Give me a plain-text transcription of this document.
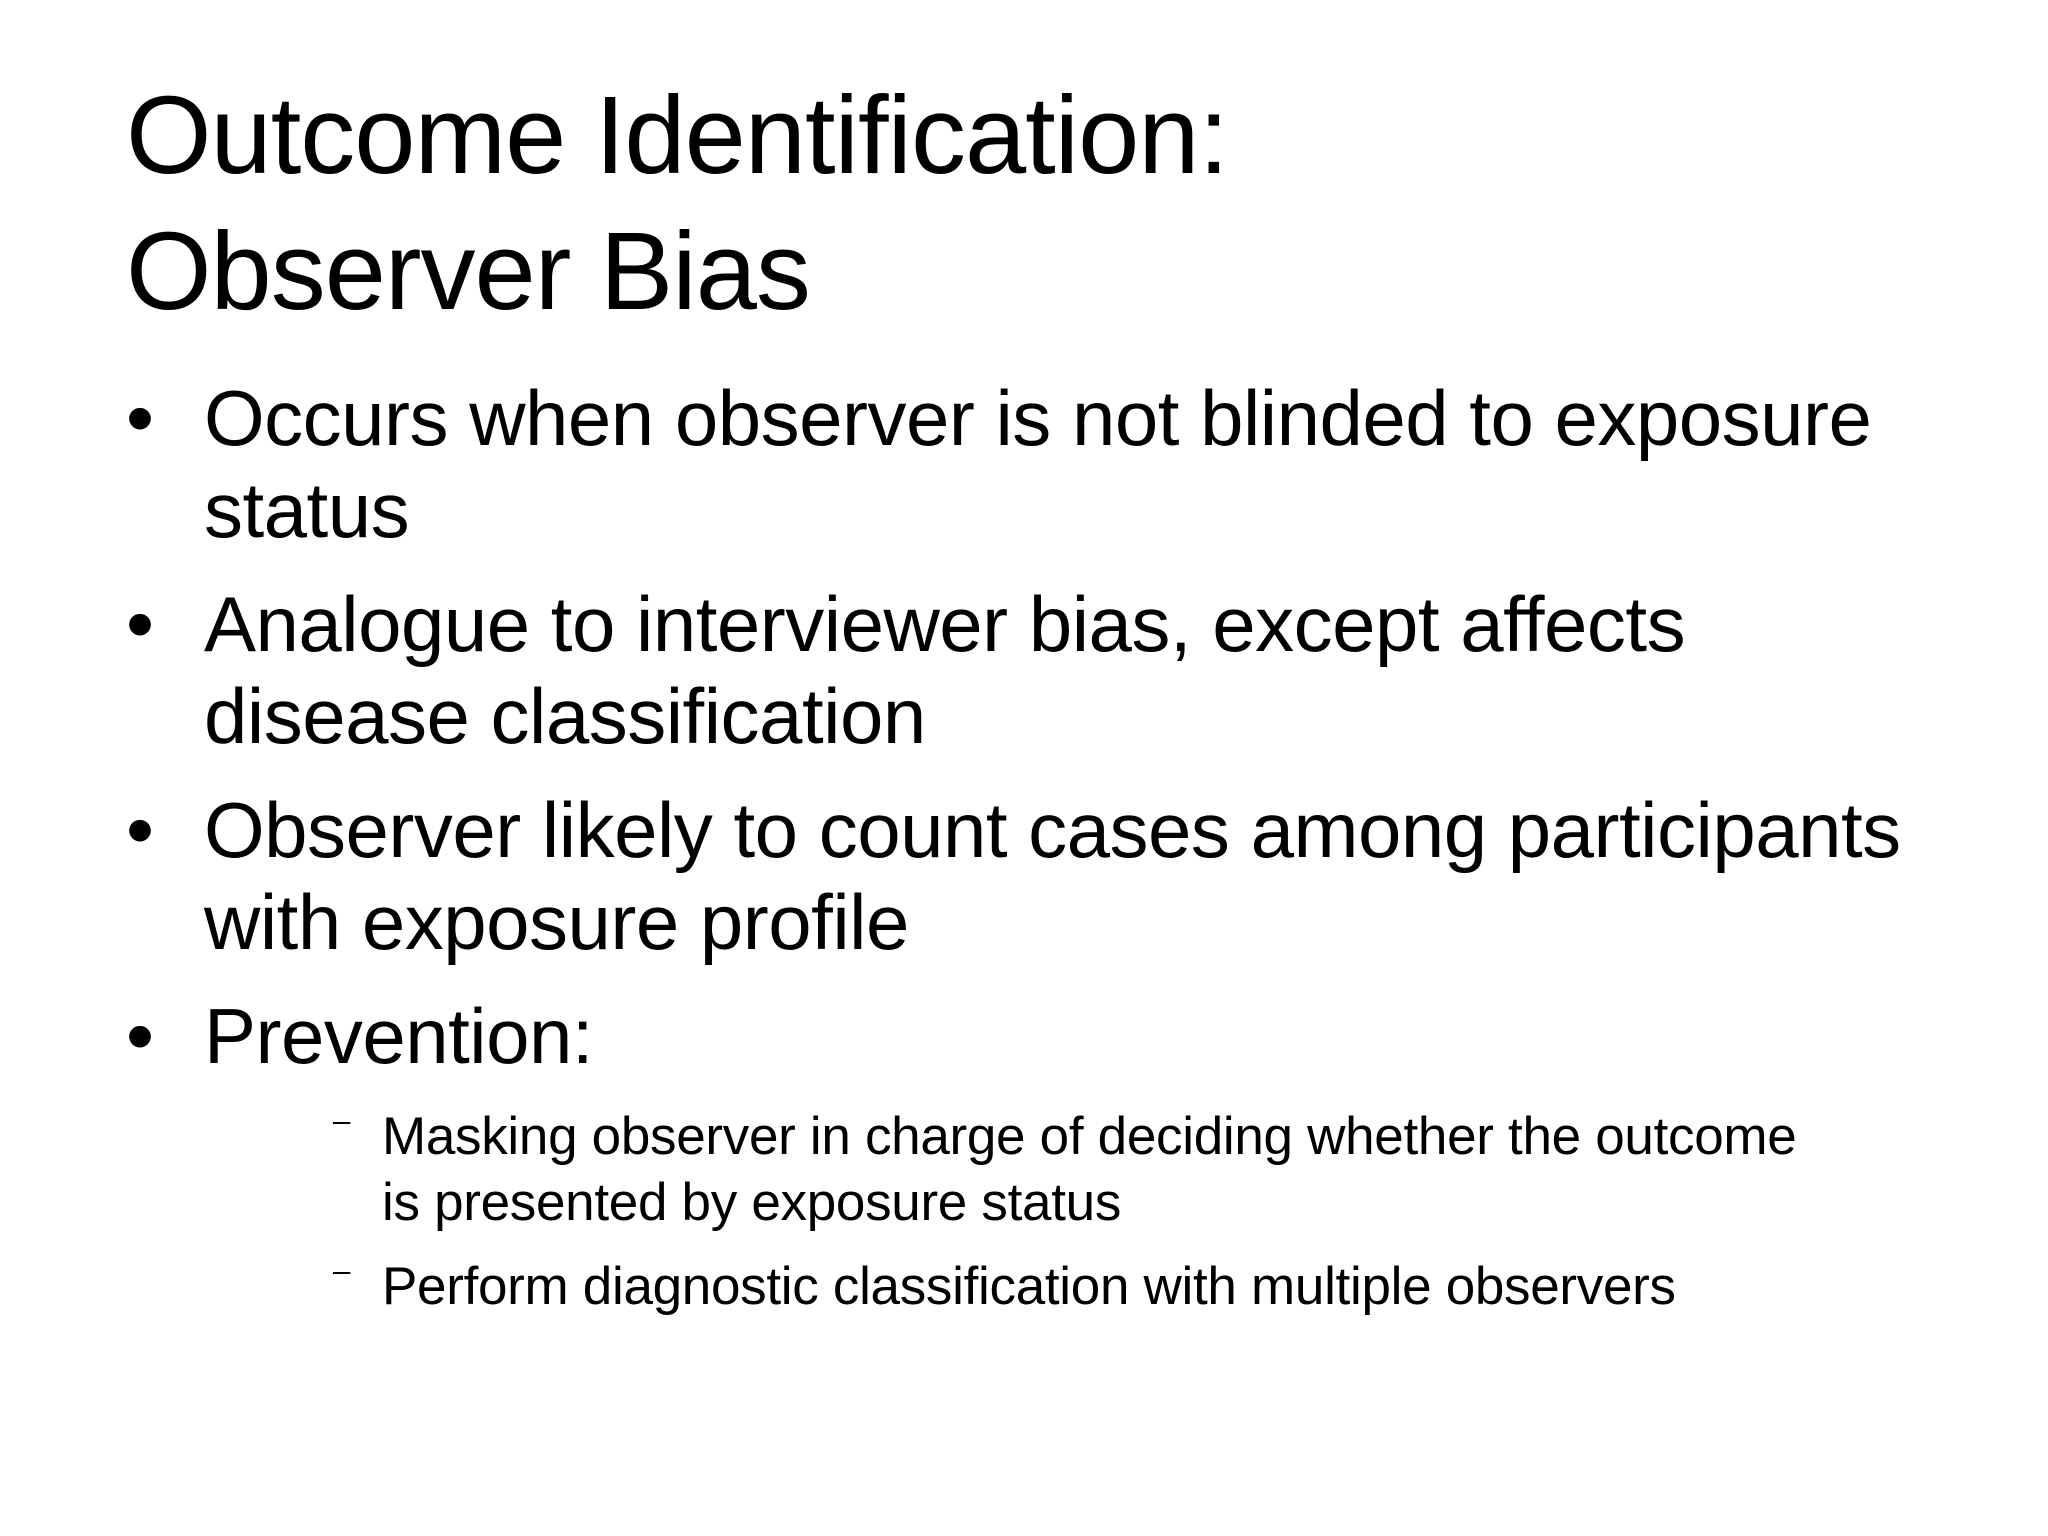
Outcome Identification:
Observer Bias
• Occurs when observer is not blinded to exposure status
• Analogue to interviewer bias, except affects disease classification
• Observer likely to count cases among participants with exposure profile
• Prevention:
⁻ Masking observer in charge of deciding whether the outcome is presented by exposure status
⁻ Perform diagnostic classification with multiple observers
